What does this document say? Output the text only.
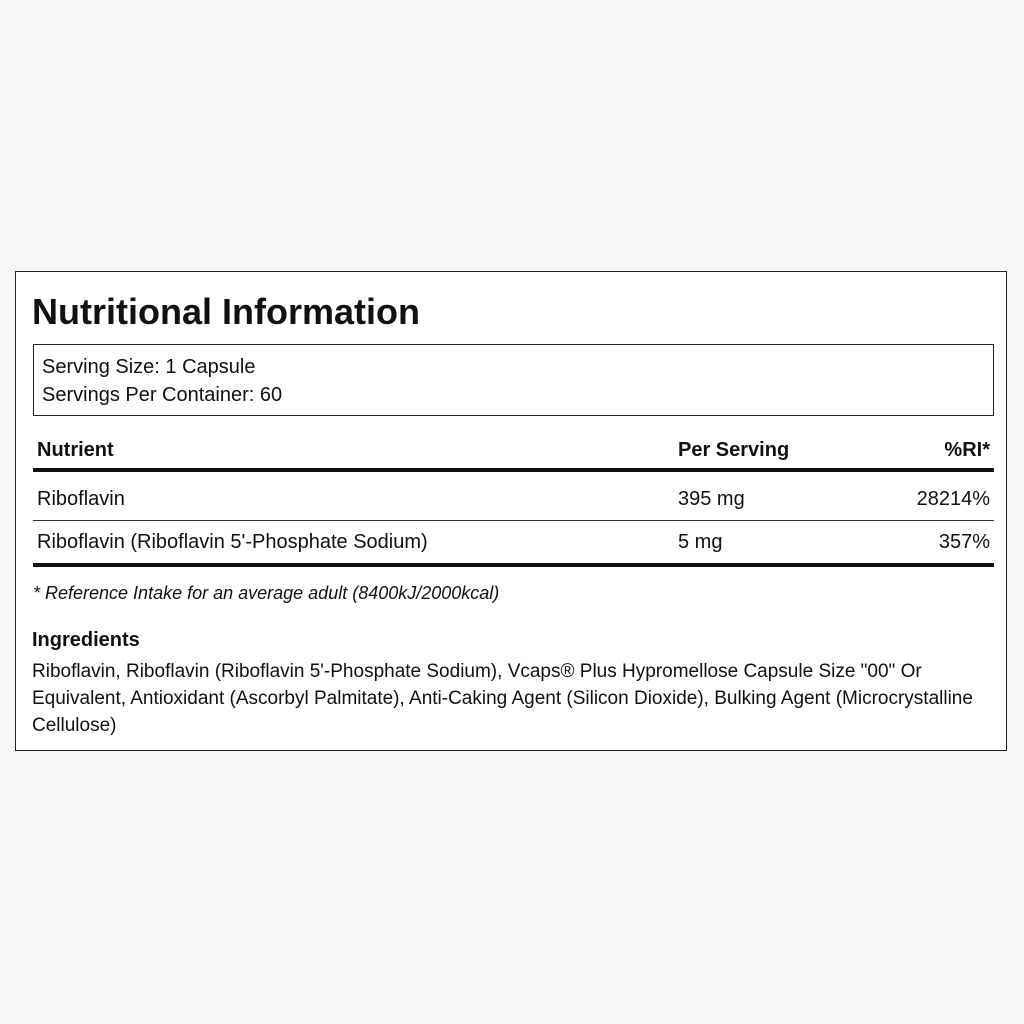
Nutritional Information
Serving Size: 1 Capsule
Servings Per Container: 60
Nutrient	Per Serving	%RI*
Riboflavin	395 mg	28214%
Riboflavin (Riboflavin 5'-Phosphate Sodium)	5 mg	357%
* Reference Intake for an average adult (8400kJ/2000kcal)
Ingredients

Riboflavin, Riboflavin (Riboflavin 5'-Phosphate Sodium), Vcaps® Plus Hypromellose Capsule Size "00" Or Equivalent, Antioxidant (Ascorbyl Palmitate), Anti-Caking Agent (Silicon Dioxide), Bulking Agent (Microcrystalline Cellulose)
